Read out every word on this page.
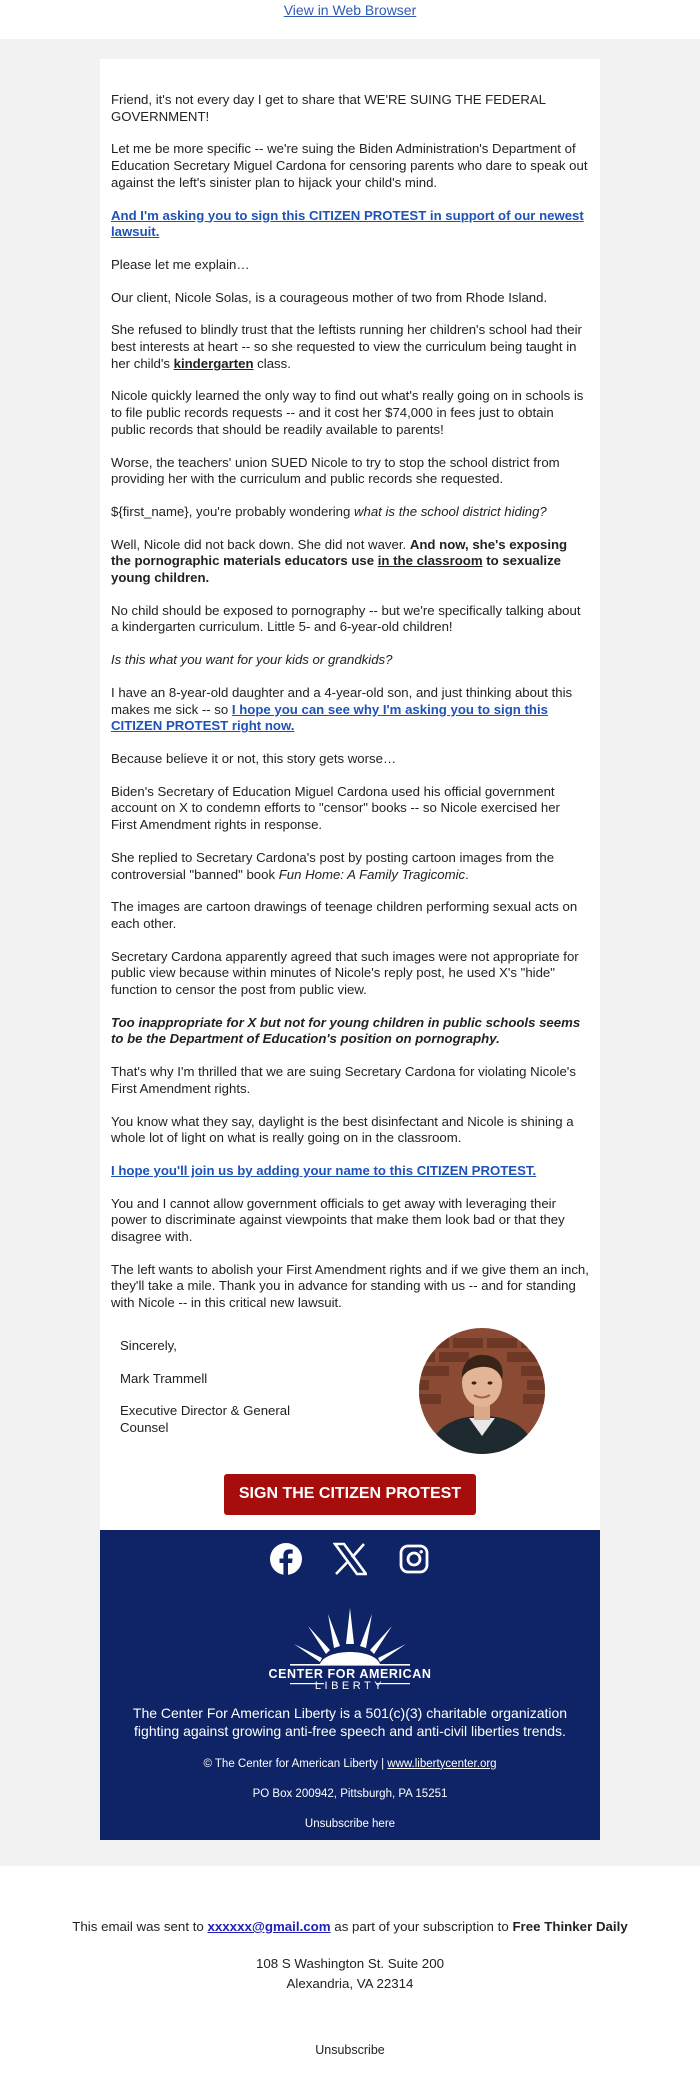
View in Web Browser

Friend, it's not every day I get to share that WE'RE SUING THE FEDERAL GOVERNMENT!

Let me be more specific -- we're suing the Biden Administration's Department of Education Secretary Miguel Cardona for censoring parents who dare to speak out against the left's sinister plan to hijack your child's mind.

And I'm asking you to sign this CITIZEN PROTEST in support of our newest lawsuit.

Please let me explain…

Our client, Nicole Solas, is a courageous mother of two from Rhode Island.

She refused to blindly trust that the leftists running her children's school had their best interests at heart -- so she requested to view the curriculum being taught in her child's kindergarten class.

Nicole quickly learned the only way to find out what's really going on in schools is to file public records requests -- and it cost her $74,000 in fees just to obtain public records that should be readily available to parents!

Worse, the teachers' union SUED Nicole to try to stop the school district from providing her with the curriculum and public records she requested.

${first_name}, you're probably wondering what is the school district hiding?

Well, Nicole did not back down. She did not waver. And now, she's exposing the pornographic materials educators use in the classroom to sexualize young children.

No child should be exposed to pornography -- but we're specifically talking about a kindergarten curriculum. Little 5- and 6-year-old children!

Is this what you want for your kids or grandkids?

I have an 8-year-old daughter and a 4-year-old son, and just thinking about this makes me sick -- so I hope you can see why I'm asking you to sign this CITIZEN PROTEST right now.

Because believe it or not, this story gets worse…

Biden's Secretary of Education Miguel Cardona used his official government account on X to condemn efforts to "censor" books -- so Nicole exercised her First Amendment rights in response.

She replied to Secretary Cardona's post by posting cartoon images from the controversial "banned" book Fun Home: A Family Tragicomic.

The images are cartoon drawings of teenage children performing sexual acts on each other.

Secretary Cardona apparently agreed that such images were not appropriate for public view because within minutes of Nicole's reply post, he used X's "hide" function to censor the post from public view.

Too inappropriate for X but not for young children in public schools seems to be the Department of Education's position on pornography.

That's why I'm thrilled that we are suing Secretary Cardona for violating Nicole's First Amendment rights.

You know what they say, daylight is the best disinfectant and Nicole is shining a whole lot of light on what is really going on in the classroom.

I hope you'll join us by adding your name to this CITIZEN PROTEST.

You and I cannot allow government officials to get away with leveraging their power to discriminate against viewpoints that make them look bad or that they disagree with.

The left wants to abolish your First Amendment rights and if we give them an inch, they'll take a mile. Thank you in advance for standing with us -- and for standing with Nicole -- in this critical new lawsuit.

Sincerely,
Mark Trammell
Executive Director & General Counsel
SIGN THE CITIZEN PROTEST
CENTER FOR AMERICAN
LIBERTY
The Center For American Liberty is a 501(c)(3) charitable organization fighting against growing anti-free speech and anti-civil liberties trends.
© The Center for American Liberty | www.libertycenter.org
PO Box 200942, Pittsburgh, PA 15251
Unsubscribe here
This email was sent to xxxxxx@gmail.com as part of your subscription to Free Thinker Daily
108 S Washington St. Suite 200
Alexandria, VA 22314
Unsubscribe
